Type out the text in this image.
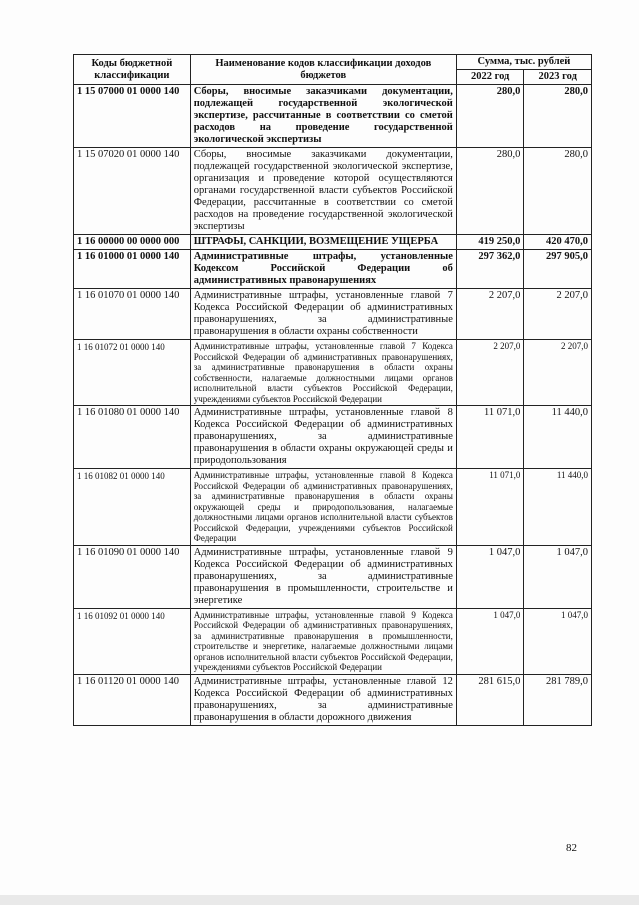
Коды бюджетной классификации	Наименование кодов классификации доходов бюджетов	Сумма, тыс. рублей	
		2022 год	2023 год
1 15 07000 01 0000 140	Сборы, вносимые заказчиками документации, подлежащей государственной экологической экспертизе, рассчитанные в соответствии со сметой расходов на проведение государственной экологической экспертизы	280,0	280,0
1 15 07020 01 0000 140	Сборы, вносимые заказчиками документации, подлежащей государственной экологической экспертизе, организация и проведение которой осуществляются органами государственной власти субъектов Российской Федерации, рассчитанные в соответствии со сметой расходов на проведение государственной экологической экспертизы	280,0	280,0
1 16 00000 00 0000 000	ШТРАФЫ, САНКЦИИ, ВОЗМЕЩЕНИЕ УЩЕРБА	419 250,0	420 470,0
1 16 01000 01 0000 140	Административные штрафы, установленные Кодексом Российской Федерации об административных правонарушениях	297 362,0	297 905,0
1 16 01070 01 0000 140	Административные штрафы, установленные главой 7 Кодекса Российской Федерации об административных правонарушениях, за административные правонарушения в области охраны собственности	2 207,0	2 207,0
1 16 01072 01 0000 140	Административные штрафы, установленные главой 7 Кодекса Российской Федерации об административных правонарушениях, за административные правонарушения в области охраны собственности, налагаемые должностными лицами органов исполнительной власти субъектов Российской Федерации, учреждениями субъектов Российской Федерации	2 207,0	2 207,0
1 16 01080 01 0000 140	Административные штрафы, установленные главой 8 Кодекса Российской Федерации об административных правонарушениях, за административные правонарушения в области охраны окружающей среды и природопользования	11 071,0	11 440,0
1 16 01082 01 0000 140	Административные штрафы, установленные главой 8 Кодекса Российской Федерации об административных правонарушениях, за административные правонарушения в области охраны окружающей среды и природопользования, налагаемые должностными лицами органов исполнительной власти субъектов Российской Федерации, учреждениями субъектов Российской Федерации	11 071,0	11 440,0
1 16 01090 01 0000 140	Административные штрафы, установленные главой 9 Кодекса Российской Федерации об административных правонарушениях, за административные правонарушения в промышленности, строительстве и энергетике	1 047,0	1 047,0
1 16 01092 01 0000 140	Административные штрафы, установленные главой 9 Кодекса Российской Федерации об административных правонарушениях, за административные правонарушения в промышленности, строительстве и энергетике, налагаемые должностными лицами органов исполнительной власти субъектов Российской Федерации, учреждениями субъектов Российской Федерации	1 047,0	1 047,0
1 16 01120 01 0000 140	Административные штрафы, установленные главой 12 Кодекса Российской Федерации об административных правонарушениях, за административные правонарушения в области дорожного движения	281 615,0	281 789,0
82
